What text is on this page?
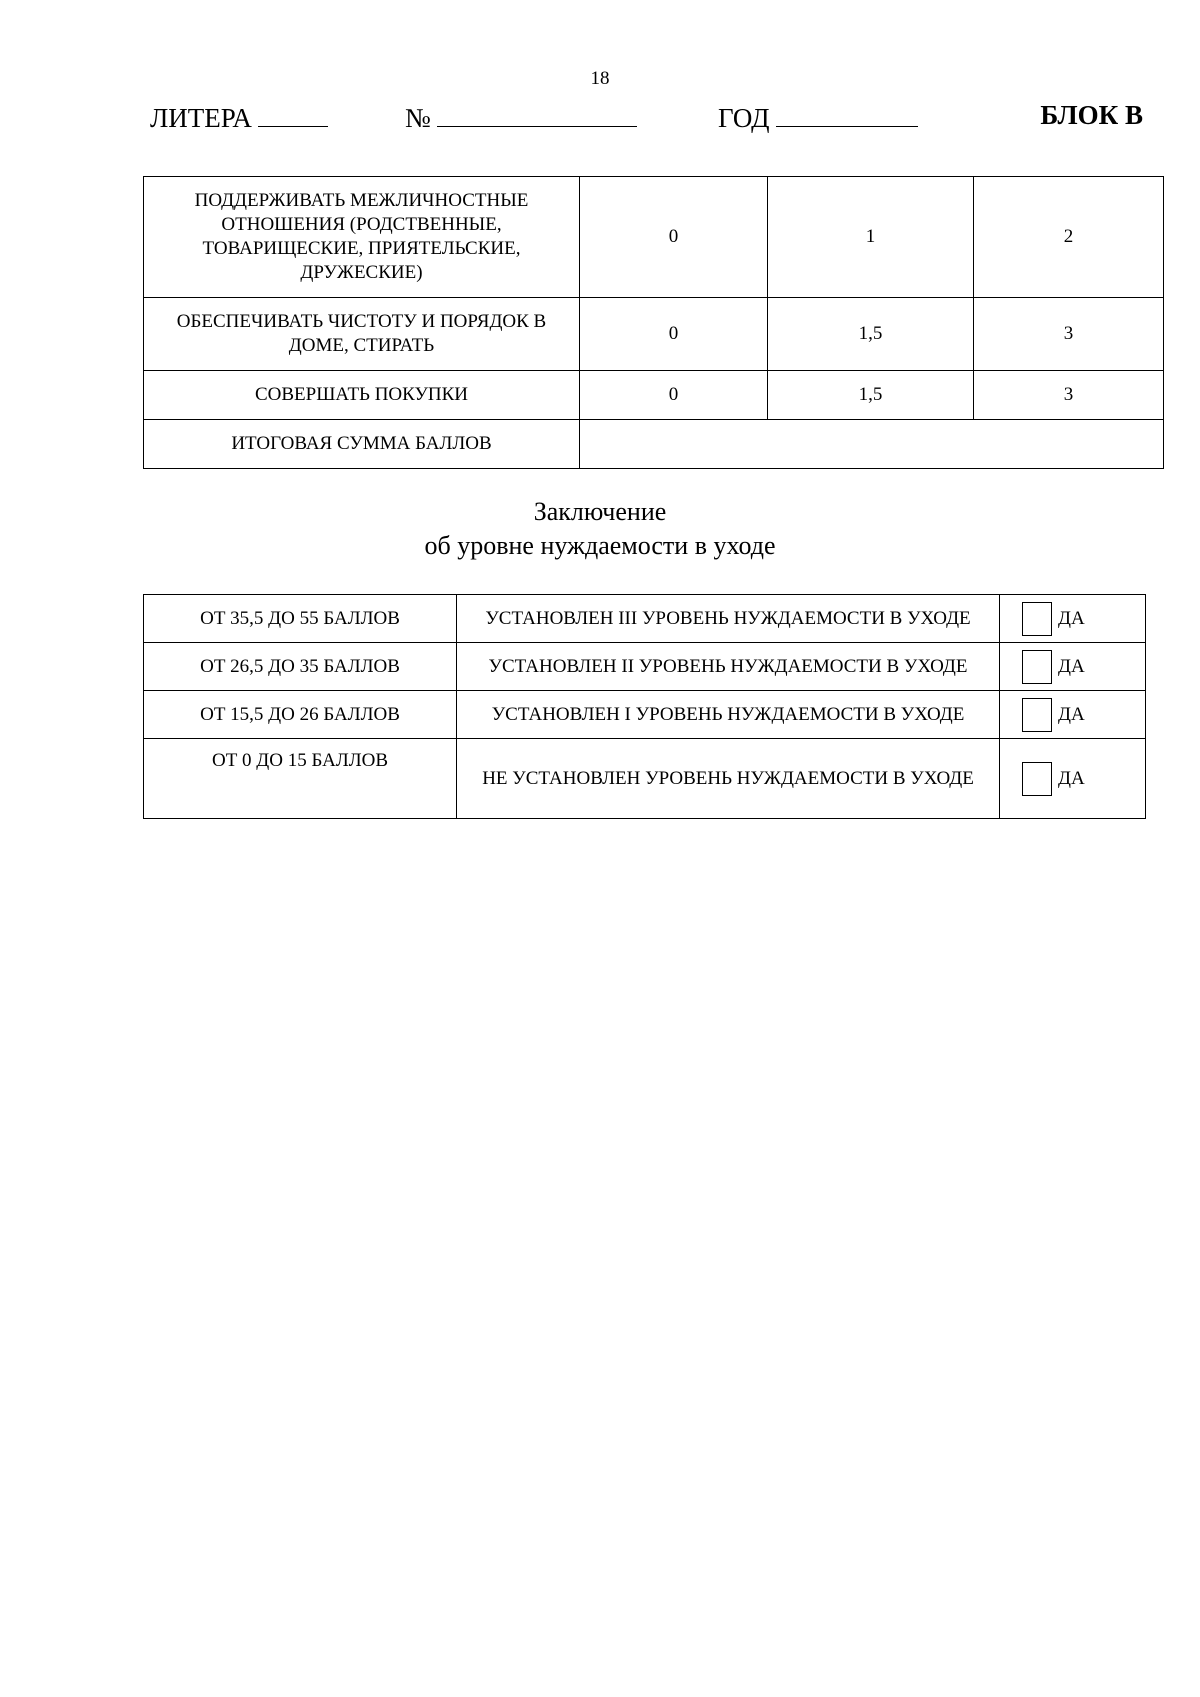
18
ЛИТЕРА	№	ГОД	БЛОК В
ПОДДЕРЖИВАТЬ МЕЖЛИЧНОСТНЫЕ ОТНОШЕНИЯ (РОДСТВЕННЫЕ, ТОВАРИЩЕСКИЕ, ПРИЯТЕЛЬСКИЕ, ДРУЖЕСКИЕ)	0	1	2
ОБЕСПЕЧИВАТЬ ЧИСТОТУ И ПОРЯДОК В ДОМЕ, СТИРАТЬ	0	1,5	3
СОВЕРШАТЬ ПОКУПКИ	0	1,5	3
ИТОГОВАЯ СУММА БАЛЛОВ			
Заключение
об уровне нуждаемости в уходе
ОТ 35,5 ДО 55 БАЛЛОВ	УСТАНОВЛЕН III УРОВЕНЬ НУЖДАЕМОСТИ В УХОДЕ	ДА
ОТ 26,5 ДО 35 БАЛЛОВ	УСТАНОВЛЕН II УРОВЕНЬ НУЖДАЕМОСТИ В УХОДЕ	ДА
ОТ 15,5 ДО 26 БАЛЛОВ	УСТАНОВЛЕН I УРОВЕНЬ НУЖДАЕМОСТИ В УХОДЕ	ДА
ОТ 0 ДО 15 БАЛЛОВ	НЕ УСТАНОВЛЕН УРОВЕНЬ НУЖДАЕМОСТИ В УХОДЕ	ДА
